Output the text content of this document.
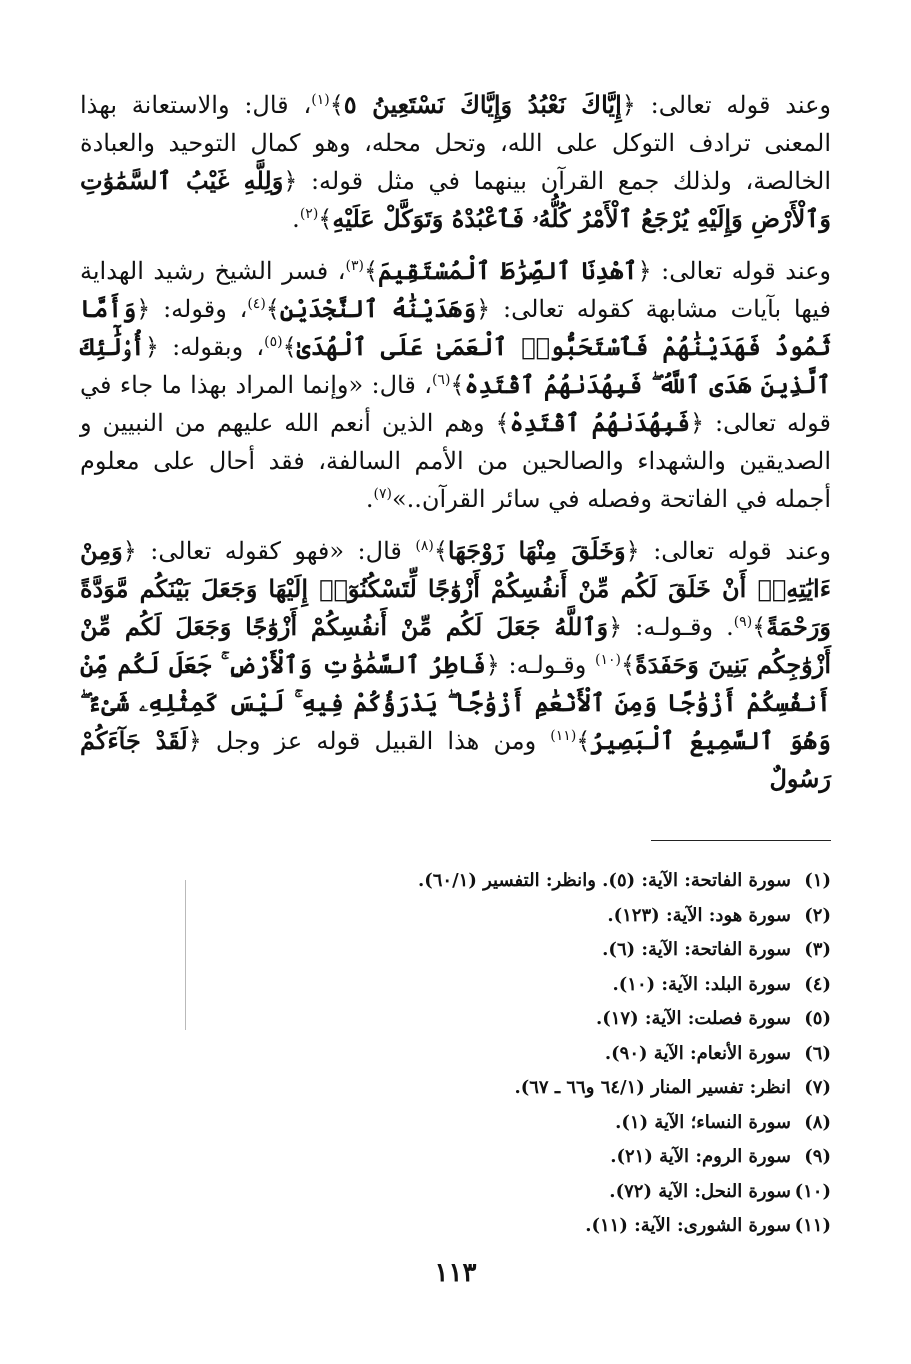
وعند قوله تعالى: ﴿ إِيَّاكَ نَعْبُدُ وَإِيَّاكَ نَسْتَعِينُ ٥ ﴾$^{(١)}$، قال: والاستعانة بهذا المعنى ترادف التوكل على الله، وتحل محله، وهو كمال التوحيد والعبادة الخالصة، ولذلك جمع القرآن بينهما في مثل قوله: ﴿ وَلِلَّهِ غَيْبُ ٱلسَّمَٰوَٰتِ وَٱلْأَرْضِ وَإِلَيْهِ يُرْجَعُ ٱلْأَمْرُ كُلُّهُۥ فَٱعْبُدْهُ وَتَوَكَّلْ عَلَيْهِ ﴾$^{(٢)}$.

وعند قوله تعالى: ﴿ ٱهْدِنَا ٱلصِّرَٰطَ ٱلْمُسْتَقِيمَ ﴾$^{(٣)}$، فسر الشيخ رشيد الهداية فيها بآيات مشابهة كقوله تعالى: ﴿ وَهَدَيْنَٰهُ ٱلنَّجْدَيْنِ ﴾$^{(٤)}$، وقوله: ﴿ وَأَمَّا ثَمُودُ فَهَدَيْنَٰهُمْ فَٱسْتَحَبُّوا۟ ٱلْعَمَىٰ عَلَى ٱلْهُدَىٰ ﴾$^{(٥)}$، وبقوله: ﴿ أُو۟لَٰٓئِكَ ٱلَّذِينَ هَدَى ٱللَّهُ ۖ فَبِهُدَىٰهُمُ ٱقْتَدِهْ ﴾$^{(٦)}$، قال: «وإنما المراد بهذا ما جاء في قوله تعالى: ﴿ فَبِهُدَىٰهُمُ ٱقْتَدِهْ ﴾ وهم الذين أنعم الله عليهم من النبيين و الصديقين والشهداء والصالحين من الأمم السالفة، فقد أحال على معلوم أجمله في الفاتحة وفصله في سائر القرآن..»$^{(٧)}$.

وعند قوله تعالى: ﴿ وَخَلَقَ مِنْهَا زَوْجَهَا ﴾$^{(٨)}$ قال: «فهو كقوله تعالى: ﴿ وَمِنْ ءَايَٰتِهِۦٓ أَنْ خَلَقَ لَكُم مِّنْ أَنفُسِكُمْ أَزْوَٰجًا لِّتَسْكُنُوٓا۟ إِلَيْهَا وَجَعَلَ بَيْنَكُم مَّوَدَّةً وَرَحْمَةً ﴾$^{(٩)}$. وقـولـه: ﴿ وَٱللَّهُ جَعَلَ لَكُم مِّنْ أَنفُسِكُمْ أَزْوَٰجًا وَجَعَلَ لَكُم مِّنْ أَزْوَٰجِكُم بَنِينَ وَحَفَدَةً ﴾$^{(١٠)}$ وقـولـه: ﴿ فَاطِرُ ٱلسَّمَٰوَٰتِ وَٱلْأَرْضِ ۚ جَعَلَ لَكُم مِّنْ أَنفُسِكُمْ أَزْوَٰجًا وَمِنَ ٱلْأَنْعَٰمِ أَزْوَٰجًا ۖ يَذْرَؤُكُمْ فِيهِ ۚ لَيْسَ كَمِثْلِهِۦ شَىْءٌ ۖ وَهُوَ ٱلسَّمِيعُ ٱلْبَصِيرُ ﴾$^{(١١)}$ ومن هذا القبيل قوله عز وجل ﴿لَقَدْ جَآءَكُمْ رَسُولٌ

(١)سورة الفاتحة: الآية: (٥). وانظر: التفسير (٦٠/١).
(٢)سورة هود: الآية: (١٢٣).
(٣)سورة الفاتحة: الآية: (٦).
(٤)سورة البلد: الآية: (١٠).
(٥)سورة فصلت: الآية: (١٧).
(٦)سورة الأنعام: الآية (٩٠).
(٧)انظر: تفسير المنار (٦٤/١ و٦٦ ـ ٦٧).
(٨)سورة النساء؛ الآية (١).
(٩)سورة الروم: الآية (٢١).
(١٠)سورة النحل: الآية (٧٢).
(١١)سورة الشورى: الآية: (١١).
١١٣
